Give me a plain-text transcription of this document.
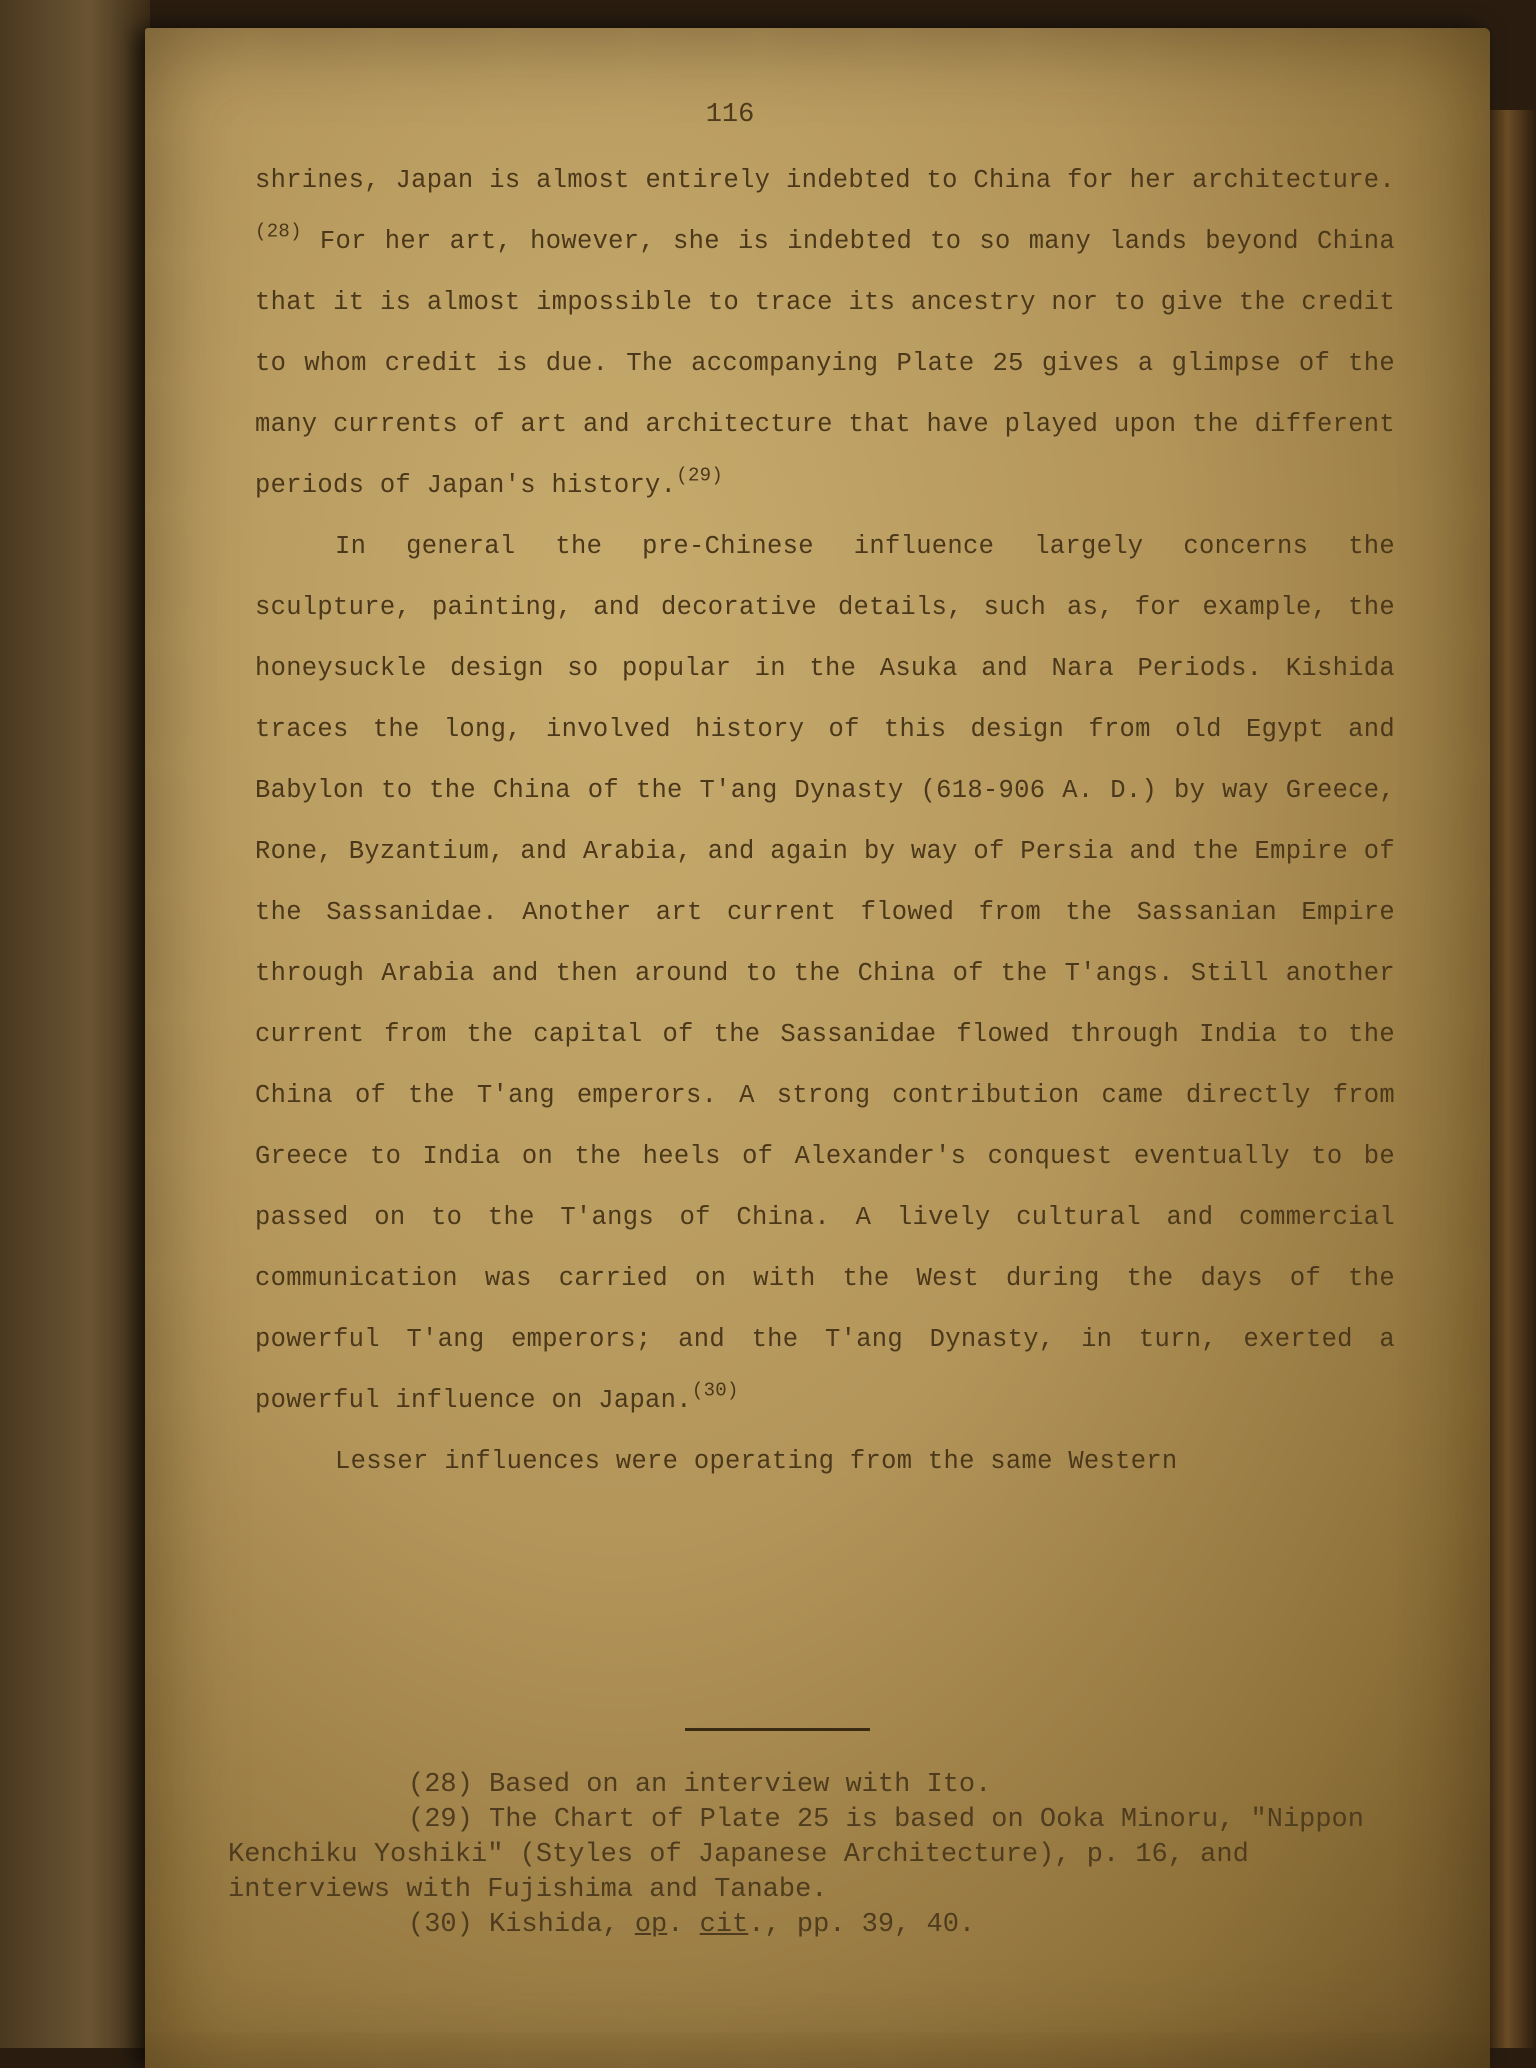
116

shrines, Japan is almost entirely indebted to China for her architecture.$^{(28)}$ For her art, however, she is indebted to so many lands beyond China that it is almost impossible to trace its ancestry nor to give the credit to whom credit is due. The accompanying Plate 25 gives a glimpse of the many currents of art and architecture that have played upon the different periods of Japan's history.$^{(29)}$

In general the pre-Chinese influence largely concerns the sculpture, painting, and decorative details, such as, for example, the honeysuckle design so popular in the Asuka and Nara Periods. Kishida traces the long, involved history of this design from old Egypt and Babylon to the China of the T'ang Dynasty (618-906 A. D.) by way Greece, Rone, Byzantium, and Arabia, and again by way of Persia and the Empire of the Sassanidae. Another art current flowed from the Sassanian Empire through Arabia and then around to the China of the T'angs. Still another current from the capital of the Sassanidae flowed through India to the China of the T'ang emperors. A strong contribution came directly from Greece to India on the heels of Alexander's conquest eventually to be passed on to the T'angs of China. A lively cultural and commercial communication was carried on with the West during the days of the powerful T'ang emperors; and the T'ang Dynasty, in turn, exerted a powerful influence on Japan.$^{(30)}$

Lesser influences were operating from the same Western

(28) Based on an interview with Ito.

(29) The Chart of Plate 25 is based on Ooka Minoru, "Nippon Kenchiku Yoshiki" (Styles of Japanese Architecture), p. 16, and interviews with Fujishima and Tanabe.

(30) Kishida, op. cit., pp. 39, 40.
